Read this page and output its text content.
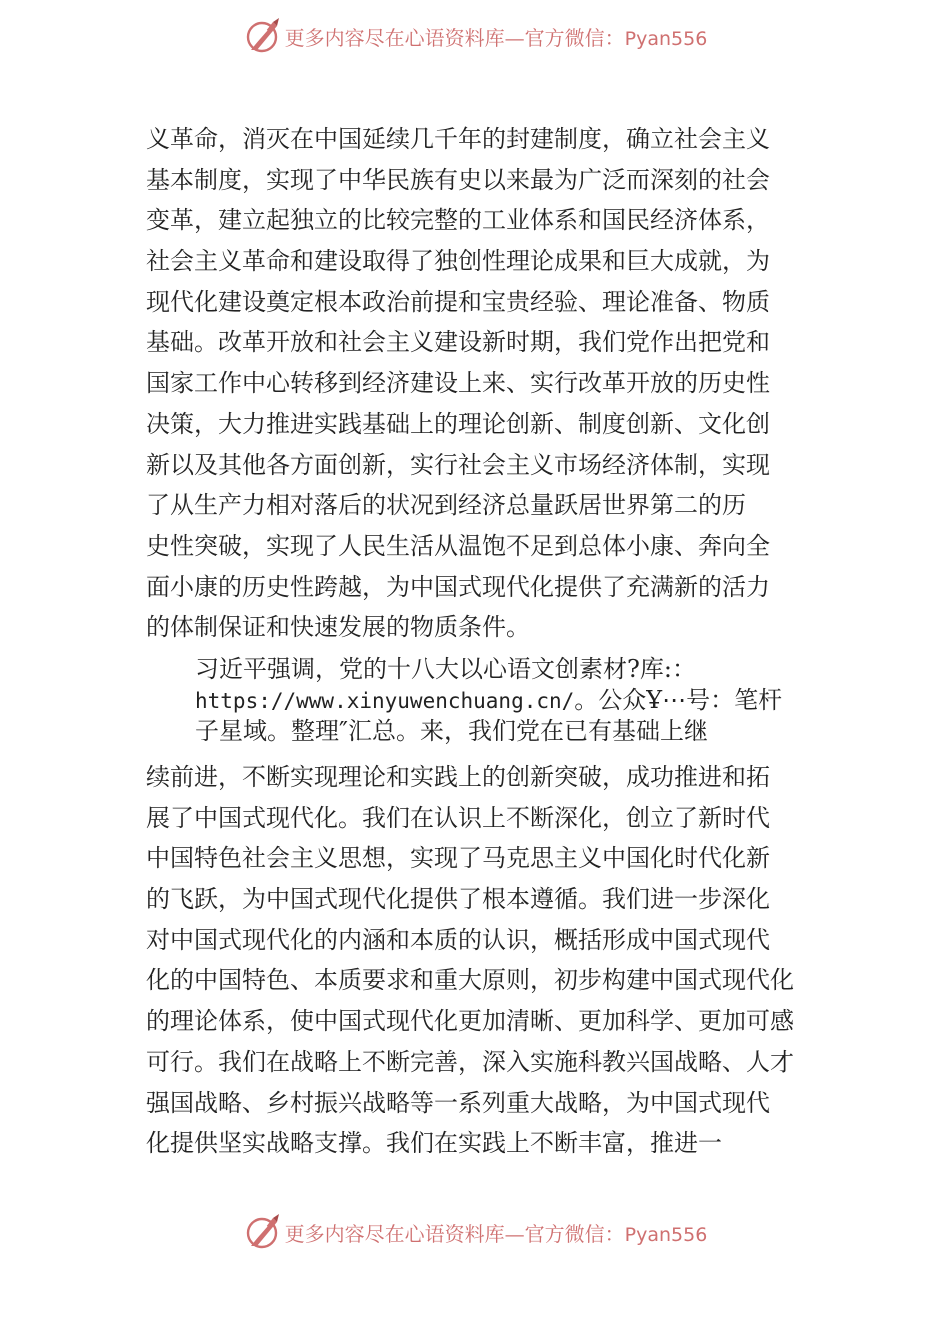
更多内容尽在心语资料库—官方微信：Pyan556
义革命，消灭在中国延续几千年的封建制度，确立社会主义
基本制度，实现了中华民族有史以来最为广泛而深刻的社会
变革，建立起独立的比较完整的工业体系和国民经济体系，
社会主义革命和建设取得了独创性理论成果和巨大成就，为
现代化建设奠定根本政治前提和宝贵经验、理论准备、物质
基础。改革开放和社会主义建设新时期，我们党作出把党和
国家工作中心转移到经济建设上来、实行改革开放的历史性
决策，大力推进实践基础上的理论创新、制度创新、文化创
新以及其他各方面创新，实行社会主义市场经济体制，实现
了从生产力相对落后的状况到经济总量跃居世界第二的历
史性突破，实现了人民生活从温饱不足到总体小康、奔向全
面小康的历史性跨越，为中国式现代化提供了充满新的活力
的体制保证和快速发展的物质条件。
习近平强调，党的十八大以心语文创素材?库:：
https://www.xinyuwenchuang.cn/。公众Ұ⋯号：笔杆
子星域。整理″汇总。来，我们党在已有基础上继
续前进，不断实现理论和实践上的创新突破，成功推进和拓
展了中国式现代化。我们在认识上不断深化，创立了新时代
中国特色社会主义思想，实现了马克思主义中国化时代化新
的飞跃，为中国式现代化提供了根本遵循。我们进一步深化
对中国式现代化的内涵和本质的认识，概括形成中国式现代
化的中国特色、本质要求和重大原则，初步构建中国式现代化
的理论体系，使中国式现代化更加清晰、更加科学、更加可感
可行。我们在战略上不断完善，深入实施科教兴国战略、人才
强国战略、乡村振兴战略等一系列重大战略，为中国式现代
化提供坚实战略支撑。我们在实践上不断丰富，推进一
更多内容尽在心语资料库—官方微信：Pyan556
